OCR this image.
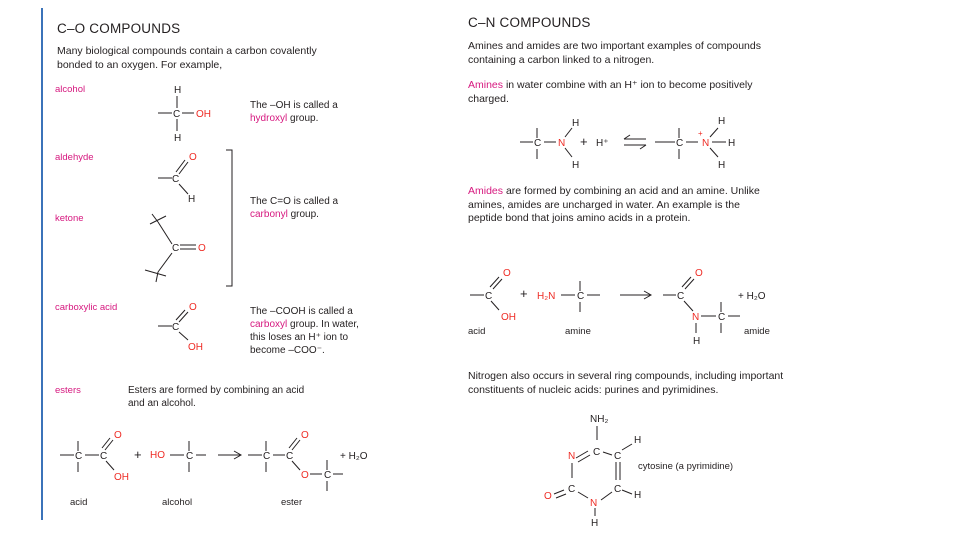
C–O COMPOUNDS
Many biological compounds contain a carbon covalently bonded to an oxygen. For example,
alcohol
aldehyde
ketone
carboxylic acid
esters
The –OH is called a hydroxyl group.
The C=O is called a carbonyl group.
The –COOH is called a carboxyl group. In water, this loses an H⁺ ion to become –COO⁻.
Esters are formed by combining an acid and an alcohol.
acid	alcohol	ester
C–N COMPOUNDS
Amines and amides are two important examples of compounds containing a carbon linked to a nitrogen.
Amines in water combine with an H⁺ ion to become positively charged.
Amides are formed by combining an acid and an amine. Unlike amines, amides are uncharged in water. An example is the peptide bond that joins amino acids in a protein.
acid	amine	amide
Nitrogen also occurs in several ring compounds, including important constituents of nucleic acids: purines and pyrimidines.
cytosine (a pyrimidine)
H
C OH
H
O
C
H
C O
O
C
OH
C C
O
OH
+ HO C	C C
O
O C
+ H₂O
C N
H
H
+ H⁺	C N
+
H
H
H
C
O
OH
+ H₂N C	C
O
N C
H
+ H₂O
NH₂
C
N
C
O
N
H
C
H
C
H
